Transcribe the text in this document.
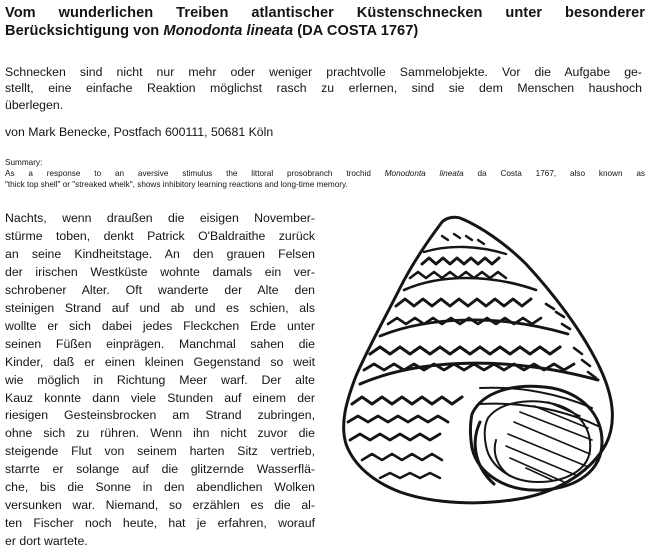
Vom wunderlichen Treiben atlantischer Küstenschnecken unter besonderer
Berücksichtigung von Monodonta lineata (DA COSTA 1767)
Schnecken sind nicht nur mehr oder weniger prachtvolle Sammelobjekte. Vor die Aufgabe ge-
stellt, eine einfache Reaktion möglichst rasch zu erlernen, sind sie dem Menschen haushoch
überlegen.
von Mark Benecke, Postfach 600111, 50681 Köln
Summary:
As a response to an aversive stimulus the littoral prosobranch trochid Monodonta lineata da Costa 1767, also known as
"thick top shell" or "streaked whelk", shows inhibitory learning reactions and long-time memory.
Nachts, wenn draußen die eisigen November-
stürme toben, denkt Patrick O'Baldraithe zurück
an seine Kindheitstage. An den grauen Felsen
der irischen Westküste wohnte damals ein ver-
schrobener Alter. Oft wanderte der Alte den
steinigen Strand auf und ab und es schien, als
wollte er sich dabei jedes Fleckchen Erde unter
seinen Füßen einprägen. Manchmal sahen die
Kinder, daß er einen kleinen Gegenstand so weit
wie möglich in Richtung Meer warf. Der alte
Kauz konnte dann viele Stunden auf einem der
riesigen Gesteinsbrocken am Strand zubringen,
ohne sich zu rühren. Wenn ihn nicht zuvor die
steigende Flut von seinem harten Sitz vertrieb,
starrte er solange auf die glitzernde Wasserflä-
che, bis die Sonne in den abendlichen Wolken
versunken war. Niemand, so erzählen es die al-
ten Fischer noch heute, hat je erfahren, worauf
er dort wartete.
